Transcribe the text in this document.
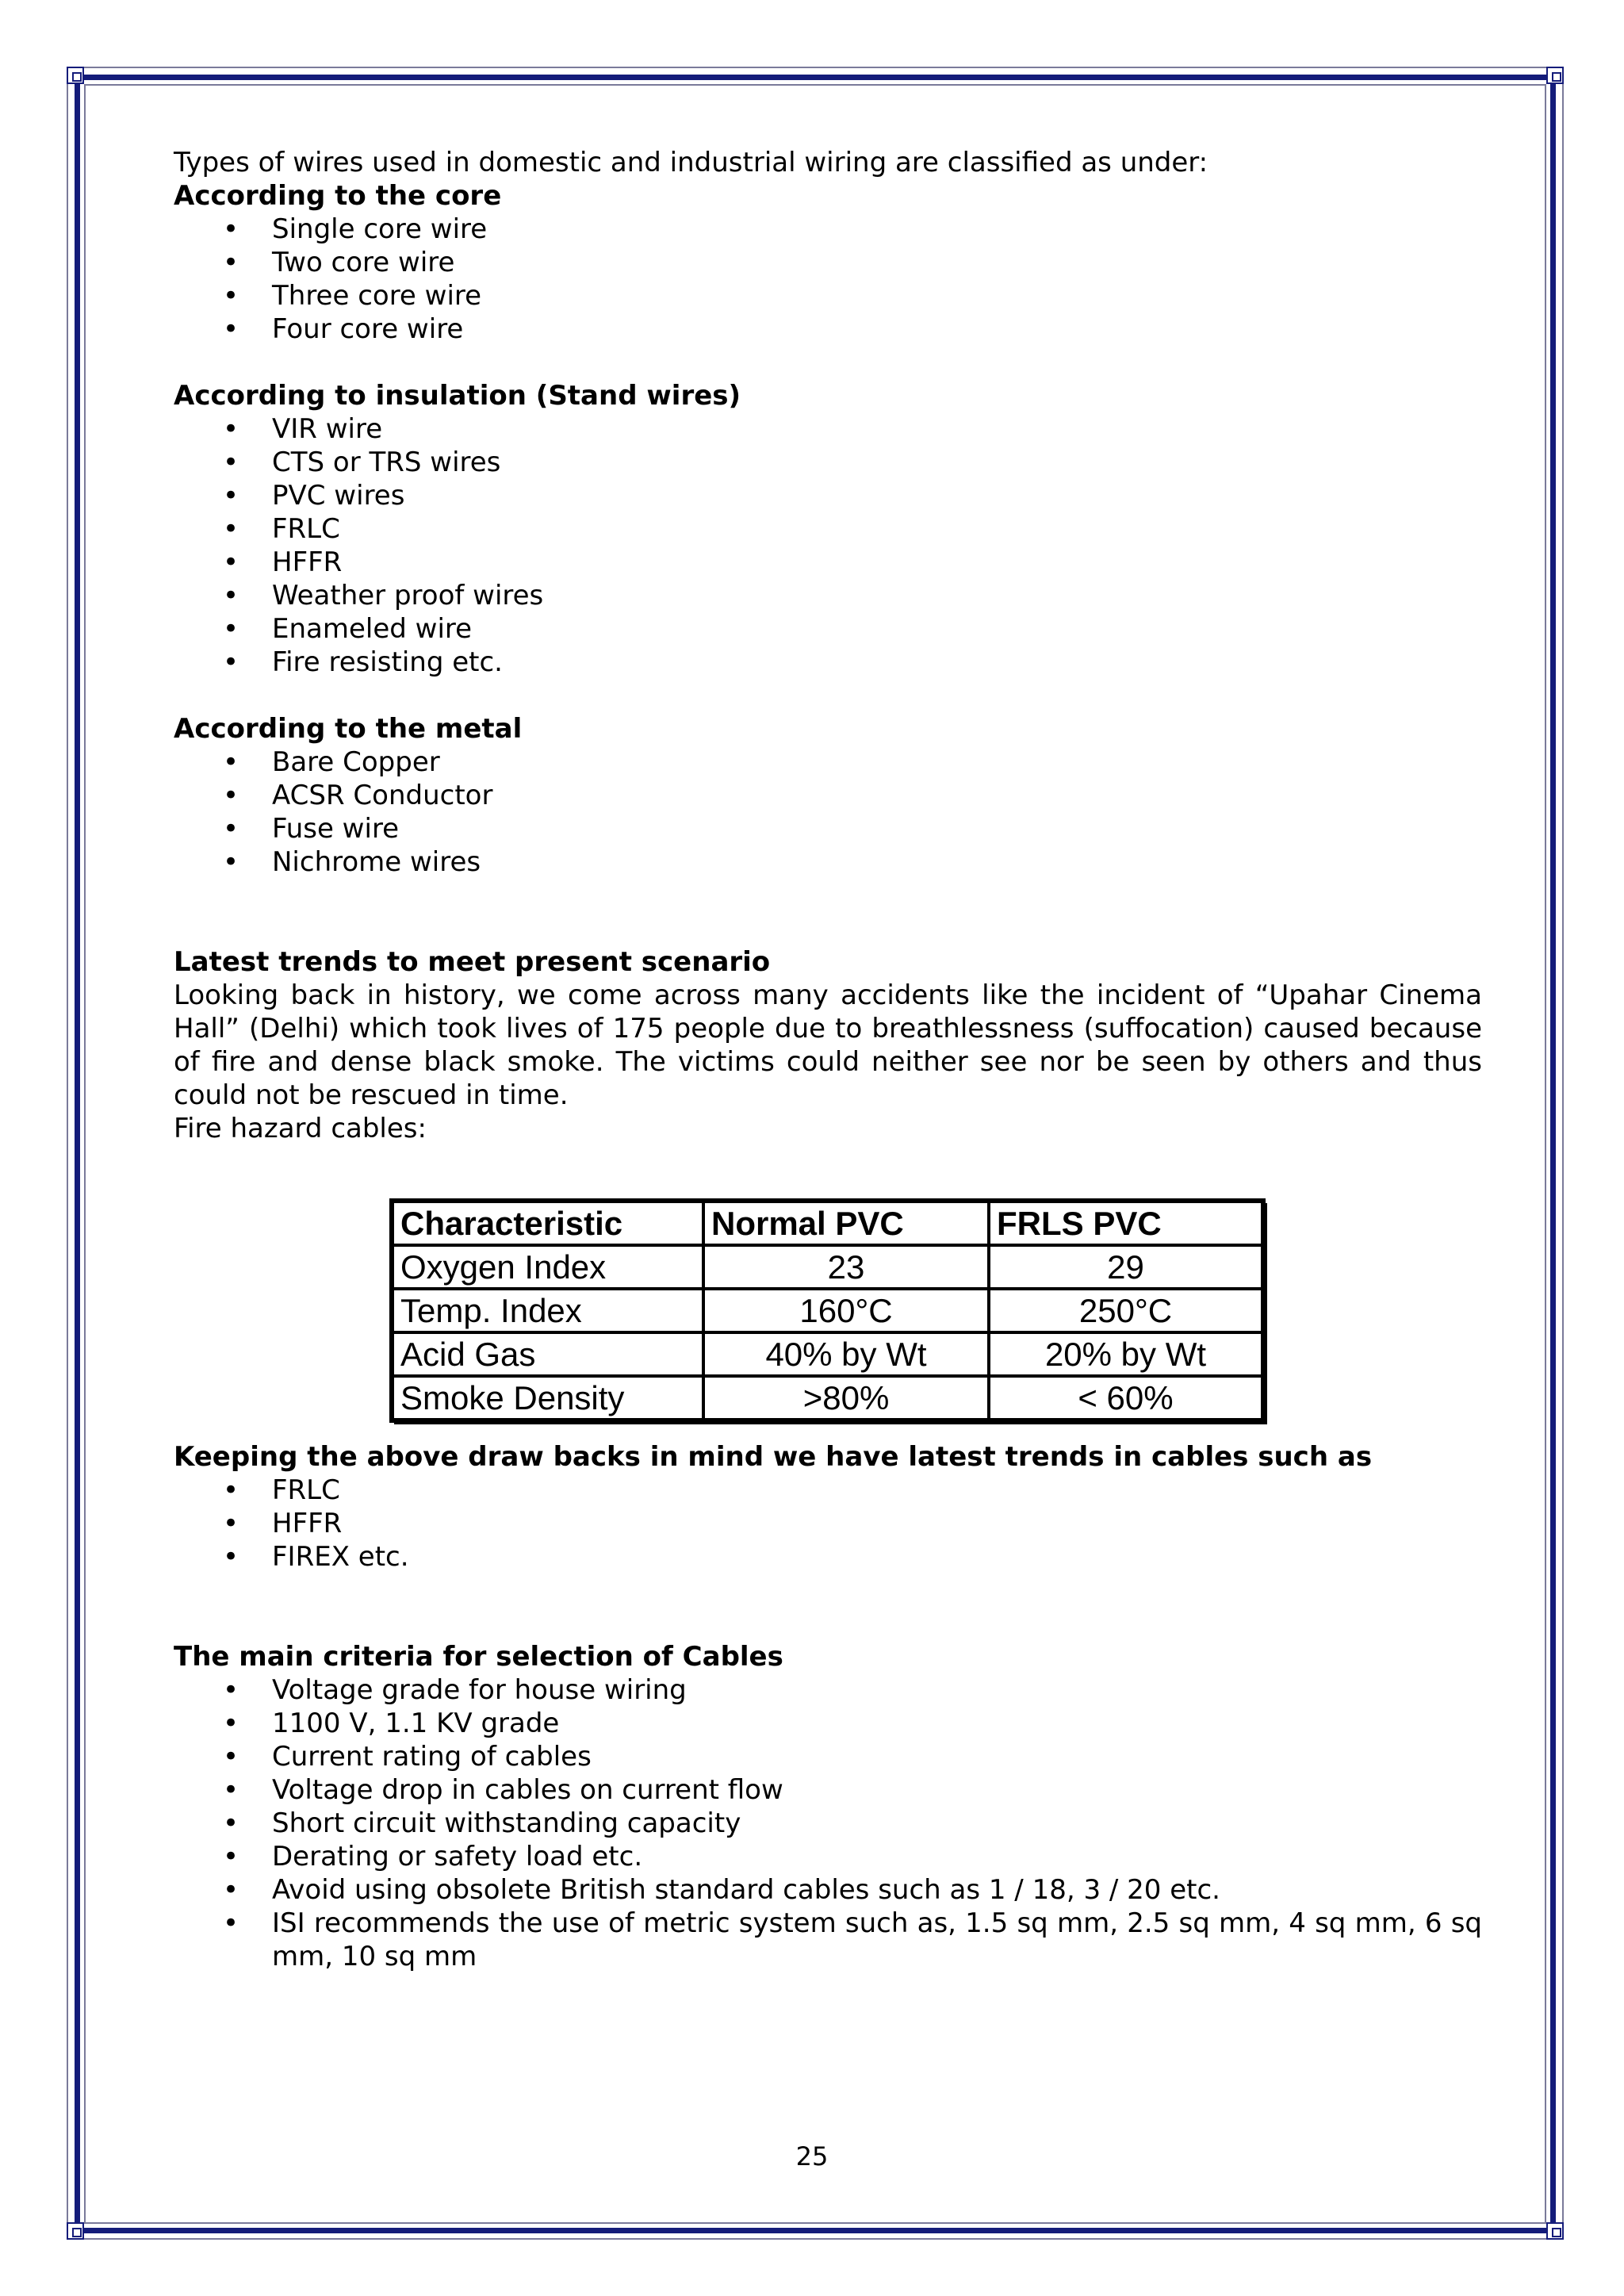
Types of wires used in domestic and industrial wiring are classified as under:

According to the core

• Single core wire
• Two core wire
• Three core wire
• Four core wire

According to insulation (Stand wires)

• VIR wire
• CTS or TRS wires
• PVC wires
• FRLC
• HFFR
• Weather proof wires
• Enameled wire
• Fire resisting etc.

According to the metal

• Bare Copper
• ACSR Conductor
• Fuse wire
• Nichrome wires

Latest trends to meet present scenario

Looking back in history, we come across many accidents like the incident of “Upahar Cinema Hall” (Delhi) which took lives of 175 people due to breathlessness (suffocation) caused because of fire and dense black smoke. The victims could neither see nor be seen by others and thus could not be rescued in time.

Fire hazard cables:

Keeping the above draw backs in mind we have latest trends in cables such as

• FRLC
• HFFR
• FIREX etc.

The main criteria for selection of Cables

• Voltage grade for house wiring
• 1100 V, 1.1 KV grade
• Current rating of cables
• Voltage drop in cables on current flow
• Short circuit withstanding capacity
• Derating or safety load etc.
• Avoid using obsolete British standard cables such as 1 / 18, 3 / 20 etc.
• ISI recommends the use of metric system such as, 1.5 sq mm, 2.5 sq mm, 4 sq mm, 6 sq mm, 10 sq mm
Characteristic	Normal PVC	FRLS PVC
Oxygen Index	23	29
Temp. Index	160°C	250°C
Acid Gas	40% by Wt	20% by Wt
Smoke Density	>80%	< 60%
25
